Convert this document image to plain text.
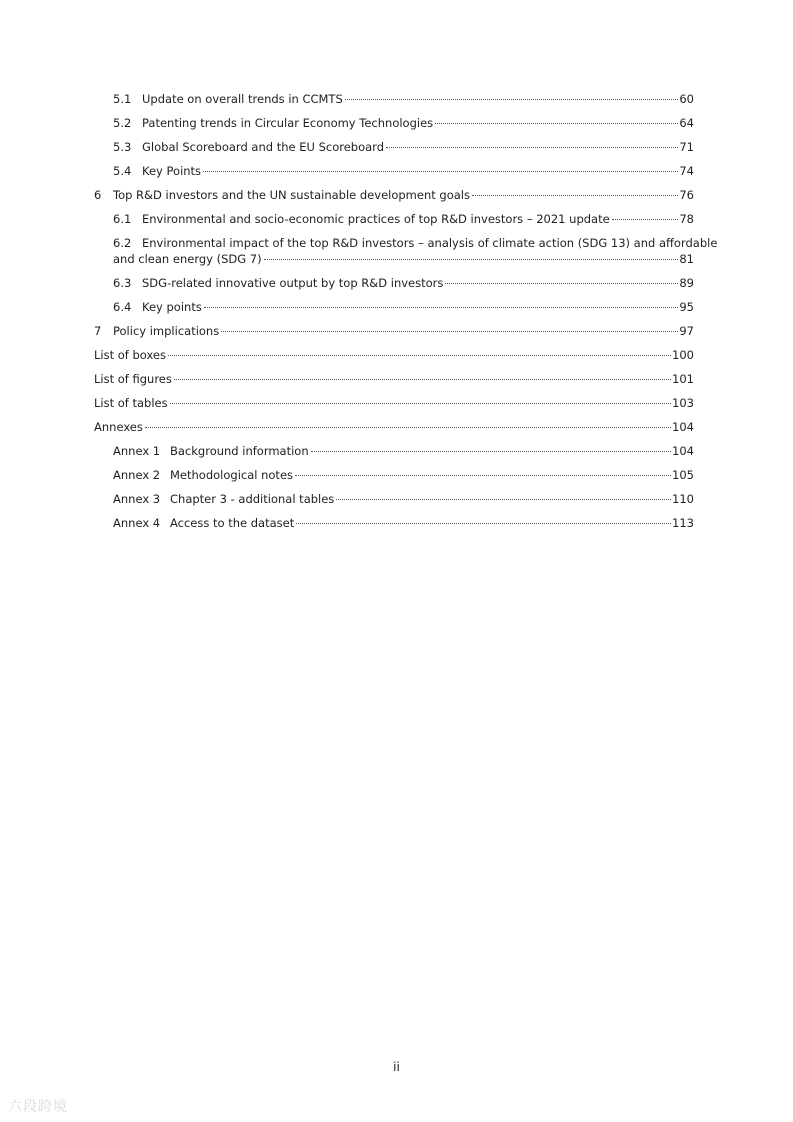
5.1 Update on overall trends in CCMTS	60
5.2 Patenting trends in Circular Economy Technologies	64
5.3 Global Scoreboard and the EU Scoreboard	71
5.4 Key Points	74
6	Top R&D investors and the UN sustainable development goals	76
6.1 Environmental and socio-economic practices of top R&D investors – 2021 update	78
6.2 Environmental impact of the top R&D investors – analysis of climate action (SDG 13) and affordable
and clean energy (SDG 7)	81
6.3 SDG-related innovative output by top R&D investors	89
6.4 Key points	95
7	Policy implications	97
List of boxes	100
List of figures	101
List of tables	103
Annexes	104
Annex 1 Background information	104
Annex 2 Methodological notes	105
Annex 3 Chapter 3 - additional tables	110
Annex 4 Access to the dataset	113
ii
六段跨境
